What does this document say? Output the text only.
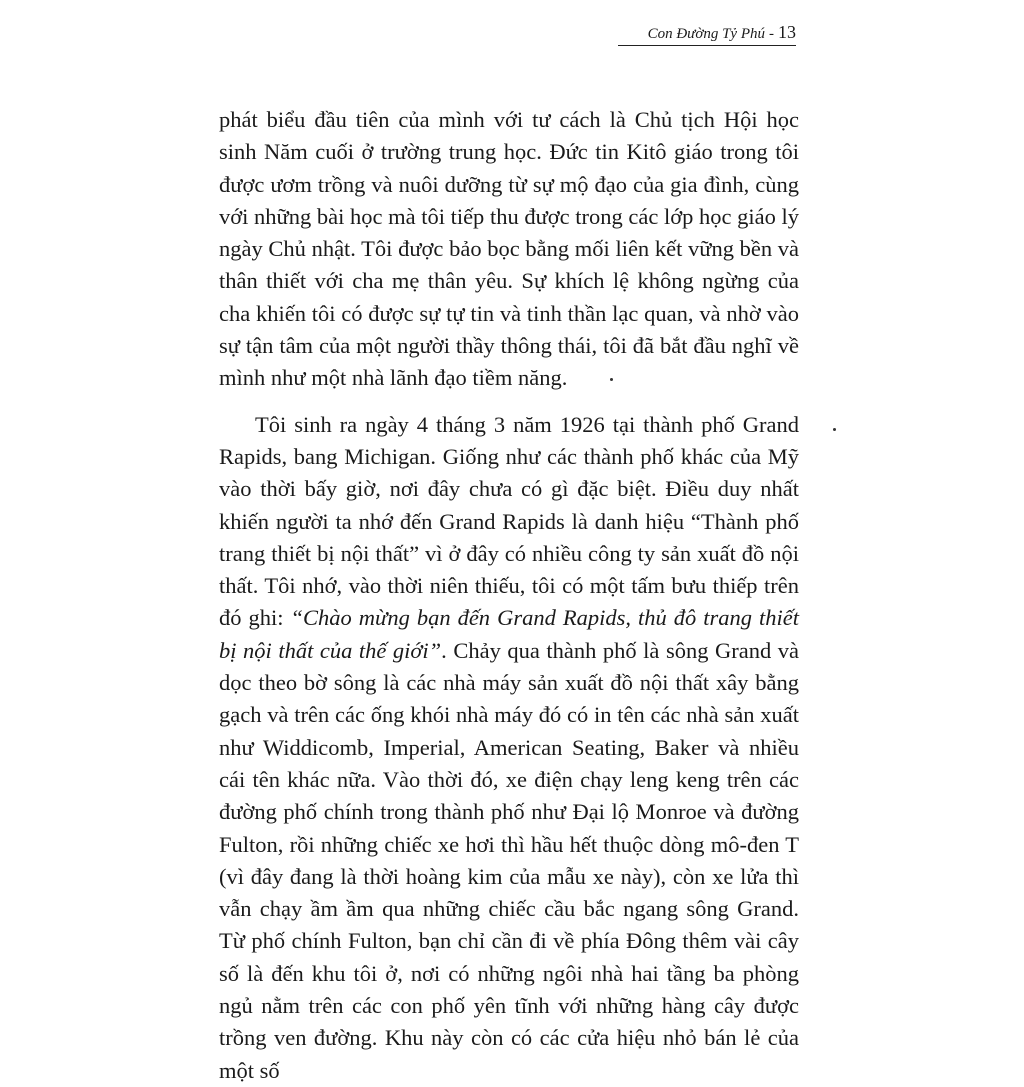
Con Đường Tỷ Phú - 13

phát biểu đầu tiên của mình với tư cách là Chủ tịch Hội học sinh Năm cuối ở trường trung học. Đức tin Kitô giáo trong tôi được ươm trồng và nuôi dưỡng từ sự mộ đạo của gia đình, cùng với những bài học mà tôi tiếp thu được trong các lớp học giáo lý ngày Chủ nhật. Tôi được bảo bọc bằng mối liên kết vững bền và thân thiết với cha mẹ thân yêu. Sự khích lệ không ngừng của cha khiến tôi có được sự tự tin và tinh thần lạc quan, và nhờ vào sự tận tâm của một người thầy thông thái, tôi đã bắt đầu nghĩ về mình như một nhà lãnh đạo tiềm năng.

Tôi sinh ra ngày 4 tháng 3 năm 1926 tại thành phố Grand Rapids, bang Michigan. Giống như các thành phố khác của Mỹ vào thời bấy giờ, nơi đây chưa có gì đặc biệt. Điều duy nhất khiến người ta nhớ đến Grand Rapids là danh hiệu “Thành phố trang thiết bị nội thất” vì ở đây có nhiều công ty sản xuất đồ nội thất. Tôi nhớ, vào thời niên thiếu, tôi có một tấm bưu thiếp trên đó ghi: “Chào mừng bạn đến Grand Rapids, thủ đô trang thiết bị nội thất của thế giới”. Chảy qua thành phố là sông Grand và dọc theo bờ sông là các nhà máy sản xuất đồ nội thất xây bằng gạch và trên các ống khói nhà máy đó có in tên các nhà sản xuất như Widdicomb, Imperial, American Seating, Baker và nhiều cái tên khác nữa. Vào thời đó, xe điện chạy leng keng trên các đường phố chính trong thành phố như Đại lộ Monroe và đường Fulton, rồi những chiếc xe hơi thì hầu hết thuộc dòng mô-đen T (vì đây đang là thời hoàng kim của mẫu xe này), còn xe lửa thì vẫn chạy ầm ầm qua những chiếc cầu bắc ngang sông Grand. Từ phố chính Fulton, bạn chỉ cần đi về phía Đông thêm vài cây số là đến khu tôi ở, nơi có những ngôi nhà hai tầng ba phòng ngủ nằm trên các con phố yên tĩnh với những hàng cây được trồng ven đường. Khu này còn có các cửa hiệu nhỏ bán lẻ của một số
